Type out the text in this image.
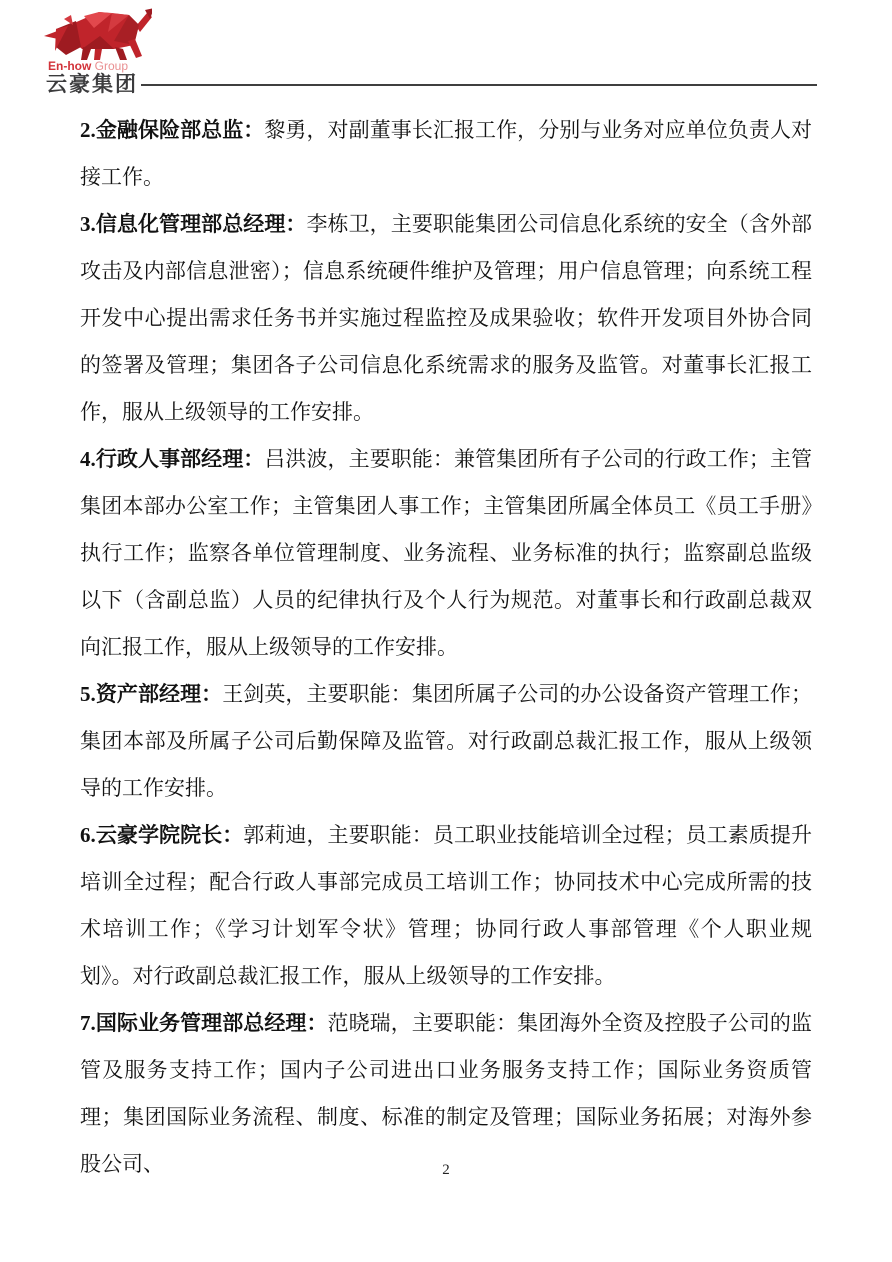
En-how Group
云豪集团

2.金融保险部总监：黎勇，对副董事长汇报工作，分别与业务对应单位负责人对接工作。

3.信息化管理部总经理：李栋卫，主要职能集团公司信息化系统的安全（含外部攻击及内部信息泄密）；信息系统硬件维护及管理；用户信息管理；向系统工程开发中心提出需求任务书并实施过程监控及成果验收；软件开发项目外协合同的签署及管理；集团各子公司信息化系统需求的服务及监管。对董事长汇报工作，服从上级领导的工作安排。

4.行政人事部经理：吕洪波，主要职能：兼管集团所有子公司的行政工作；主管集团本部办公室工作；主管集团人事工作；主管集团所属全体员工《员工手册》执行工作；监察各单位管理制度、业务流程、业务标准的执行；监察副总监级以下（含副总监）人员的纪律执行及个人行为规范。对董事长和行政副总裁双向汇报工作，服从上级领导的工作安排。

5.资产部经理：王剑英，主要职能：集团所属子公司的办公设备资产管理工作；集团本部及所属子公司后勤保障及监管。对行政副总裁汇报工作，服从上级领导的工作安排。

6.云豪学院院长：郭莉迪，主要职能：员工职业技能培训全过程；员工素质提升培训全过程；配合行政人事部完成员工培训工作；协同技术中心完成所需的技术培训工作；《学习计划军令状》管理；协同行政人事部管理《个人职业规划》。对行政副总裁汇报工作，服从上级领导的工作安排。

7.国际业务管理部总经理：范晓瑞，主要职能：集团海外全资及控股子公司的监管及服务支持工作；国内子公司进出口业务服务支持工作；国际业务资质管理；集团国际业务流程、制度、标准的制定及管理；国际业务拓展；对海外参股公司、	2
